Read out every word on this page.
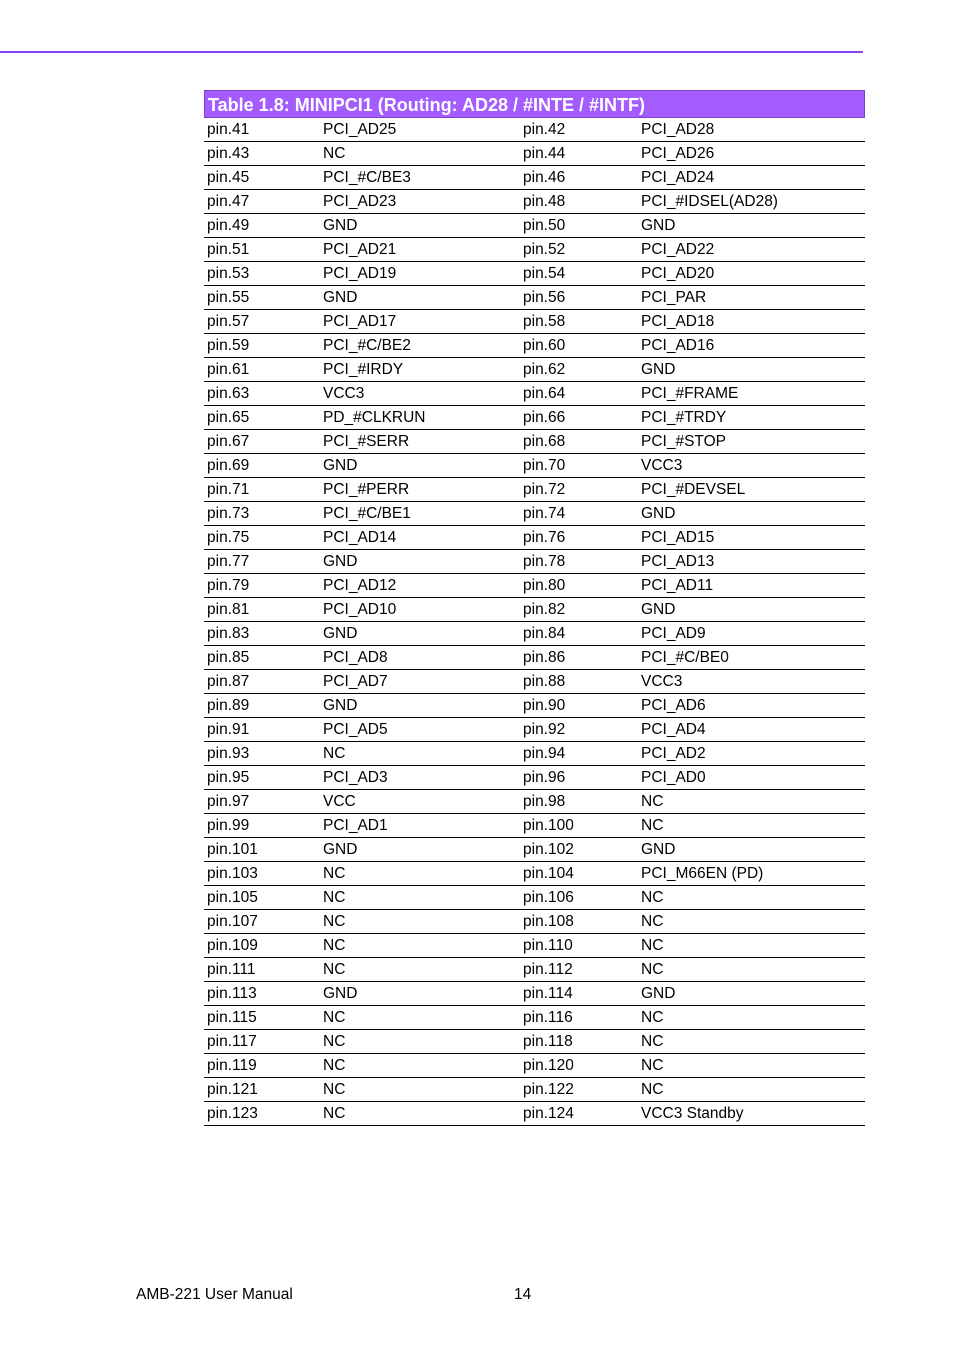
Table 1.8: MINIPCI1 (Routing: AD28 / #INTE / #INTF)
pin.41	PCI_AD25	pin.42	PCI_AD28
pin.43	NC	pin.44	PCI_AD26
pin.45	PCI_#C/BE3	pin.46	PCI_AD24
pin.47	PCI_AD23	pin.48	PCI_#IDSEL(AD28)
pin.49	GND	pin.50	GND
pin.51	PCI_AD21	pin.52	PCI_AD22
pin.53	PCI_AD19	pin.54	PCI_AD20
pin.55	GND	pin.56	PCI_PAR
pin.57	PCI_AD17	pin.58	PCI_AD18
pin.59	PCI_#C/BE2	pin.60	PCI_AD16
pin.61	PCI_#IRDY	pin.62	GND
pin.63	VCC3	pin.64	PCI_#FRAME
pin.65	PD_#CLKRUN	pin.66	PCI_#TRDY
pin.67	PCI_#SERR	pin.68	PCI_#STOP
pin.69	GND	pin.70	VCC3
pin.71	PCI_#PERR	pin.72	PCI_#DEVSEL
pin.73	PCI_#C/BE1	pin.74	GND
pin.75	PCI_AD14	pin.76	PCI_AD15
pin.77	GND	pin.78	PCI_AD13
pin.79	PCI_AD12	pin.80	PCI_AD11
pin.81	PCI_AD10	pin.82	GND
pin.83	GND	pin.84	PCI_AD9
pin.85	PCI_AD8	pin.86	PCI_#C/BE0
pin.87	PCI_AD7	pin.88	VCC3
pin.89	GND	pin.90	PCI_AD6
pin.91	PCI_AD5	pin.92	PCI_AD4
pin.93	NC	pin.94	PCI_AD2
pin.95	PCI_AD3	pin.96	PCI_AD0
pin.97	VCC	pin.98	NC
pin.99	PCI_AD1	pin.100	NC
pin.101	GND	pin.102	GND
pin.103	NC	pin.104	PCI_M66EN (PD)
pin.105	NC	pin.106	NC
pin.107	NC	pin.108	NC
pin.109	NC	pin.110	NC
pin.111	NC	pin.112	NC
pin.113	GND	pin.114	GND
pin.115	NC	pin.116	NC
pin.117	NC	pin.118	NC
pin.119	NC	pin.120	NC
pin.121	NC	pin.122	NC
pin.123	NC	pin.124	VCC3 Standby
AMB-221 User Manual	14
